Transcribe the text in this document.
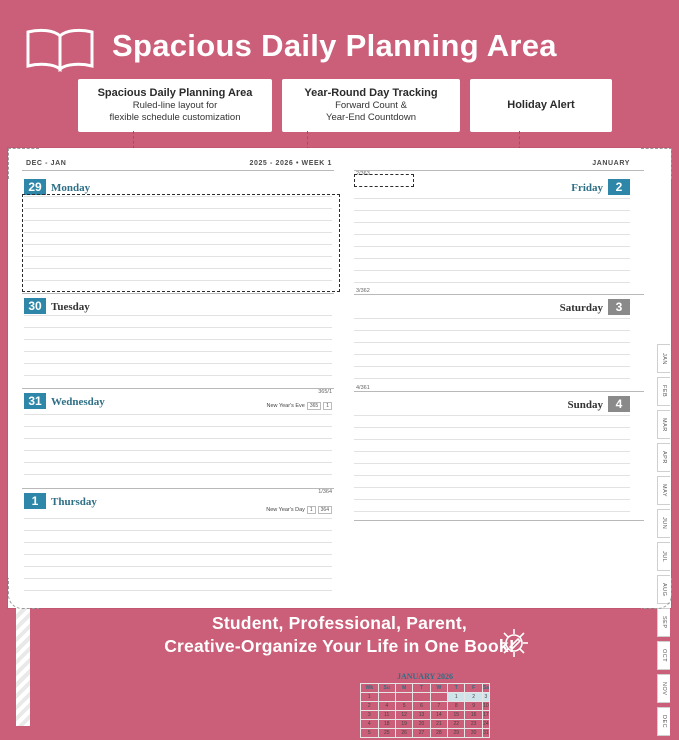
Spacious Daily Planning Area
Spacious Daily Planning Area
Ruled-line layout for
flexible schedule customization
Year-Round Day Tracking
Forward Count &
Year-End Countdown
Holiday Alert
DEC - JAN	2025 - 2026 • WEEK 1
29 Monday
30 Tuesday
31 Wednesday
365/1
New Year's Eve 365 1
1 Thursday
1/364
New Year's Day 1 364
JANUARY
2/363
Friday 2
3/362
Saturday 3
4/361
Sunday 4
JAN
FEB
MAR
APR
MAY
JUN
JUL
AUG
SEP
OCT
NOV
DEC
JANUARY 2026
Wk	Su	M	T	W	T	F	Sa
1					1	2	3
2	4	5	6	7	8	9	10
3	11	12	13	14	15	16	17
4	18	19	20	21	22	23	24
5	25	26	27	28	29	30	31
Student, Professional, Parent,
Creative-Organize Your Life in One Book!
